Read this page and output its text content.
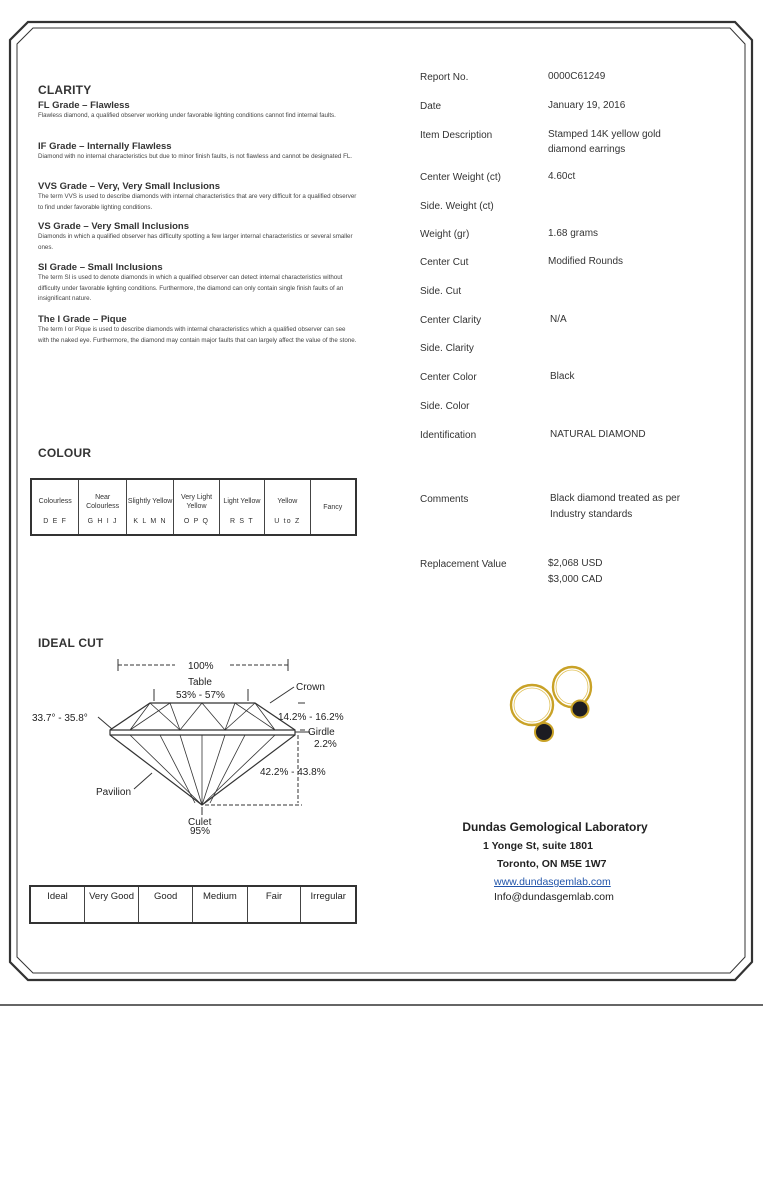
CLARITY
FL Grade – Flawless
Flawless diamond, a qualified observer working under favorable lighting conditions cannot find internal faults.
IF Grade – Internally Flawless
Diamond with no internal characteristics but due to minor finish faults, is not flawless and cannot be designated FL.
VVS Grade – Very, Very Small Inclusions
The term VVS is used to describe diamonds with internal characteristics that are very difficult for a qualified observer to find under favorable lighting conditions.
VS Grade – Very Small Inclusions
Diamonds in which a qualified observer has difficulty spotting a few larger internal characteristics or several smaller ones.
SI Grade – Small Inclusions
The term SI is used to denote diamonds in which a qualified observer can detect internal characteristics without difficulty under favorable lighting conditions. Furthermore, the diamond can only contain single finish faults of an insignificant nature.
The I Grade – Pique
The term I or Pique is used to describe diamonds with internal characteristics which a qualified observer can see with the naked eye. Furthermore, the diamond may contain major faults that can largely affect the value of the stone.
COLOUR
Colourless
D E F

Near Colourless
G H I J

Slightly Yellow
K L M N

Very Light Yellow
O P Q

Light Yellow
R S T

Yellow
U to Z

Fancy
IDEAL CUT
100%
Table
53% - 57%
Crown
33.7° - 35.8°	14.2% - 16.2%
Girdle
2.2%
42.2% - 43.8%
Pavilion
Culet
95%
Ideal	Very Good	Good	Medium	Fair	Irregular
Report No.	0000C61249
Date	January 19, 2016
Item Description	Stamped 14K yellow gold diamond earrings
Center Weight (ct)	4.60ct
Side. Weight (ct)
Weight (gr)	1.68 grams
Center Cut	Modified Rounds
Side. Cut
Center Clarity	N/A
Side. Clarity
Center Color	Black
Side. Color
Identification	NATURAL DIAMOND
Comments	Black diamond treated as per Industry standards
Replacement Value	$2,068 USD
$3,000 CAD
Dundas Gemological Laboratory
1 Yonge St, suite 1801
Toronto, ON M5E 1W7
www.dundasgemlab.com
Info@dundasgemlab.com
